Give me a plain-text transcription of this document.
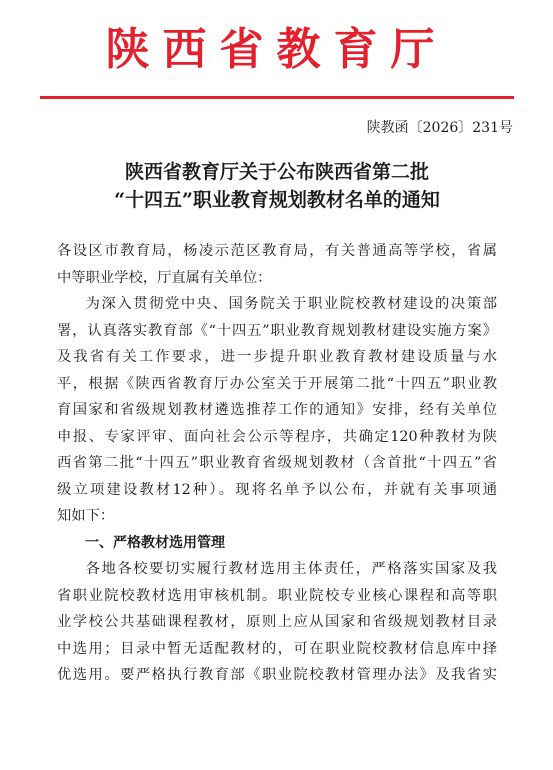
陕西省教育厅
陕教函〔2026〕231号
陕西省教育厅关于公布陕西省第二批
“十四五”职业教育规划教材名单的通知
各设区市教育局，杨凌示范区教育局，有关普通高等学校，省属
中等职业学校，厅直属有关单位：
为深入贯彻党中央、国务院关于职业院校教材建设的决策部
署，认真落实教育部《“十四五”职业教育规划教材建设实施方案》
及我省有关工作要求，进一步提升职业教育教材建设质量与水
平，根据《陕西省教育厅办公室关于开展第二批“十四五”职业教
育国家和省级规划教材遴选推荐工作的通知》安排，经有关单位
申报、专家评审、面向社会公示等程序，共确定120种教材为陕
西省第二批“十四五”职业教育省级规划教材（含首批“十四五”省
级立项建设教材12种）。现将名单予以公布，并就有关事项通
知如下：
一、严格教材选用管理
各地各校要切实履行教材选用主体责任，严格落实国家及我
省职业院校教材选用审核机制。职业院校专业核心课程和高等职
业学校公共基础课程教材，原则上应从国家和省级规划教材目录
中选用；目录中暂无适配教材的，可在职业院校教材信息库中择
优选用。要严格执行教育部《职业院校教材管理办法》及我省实
